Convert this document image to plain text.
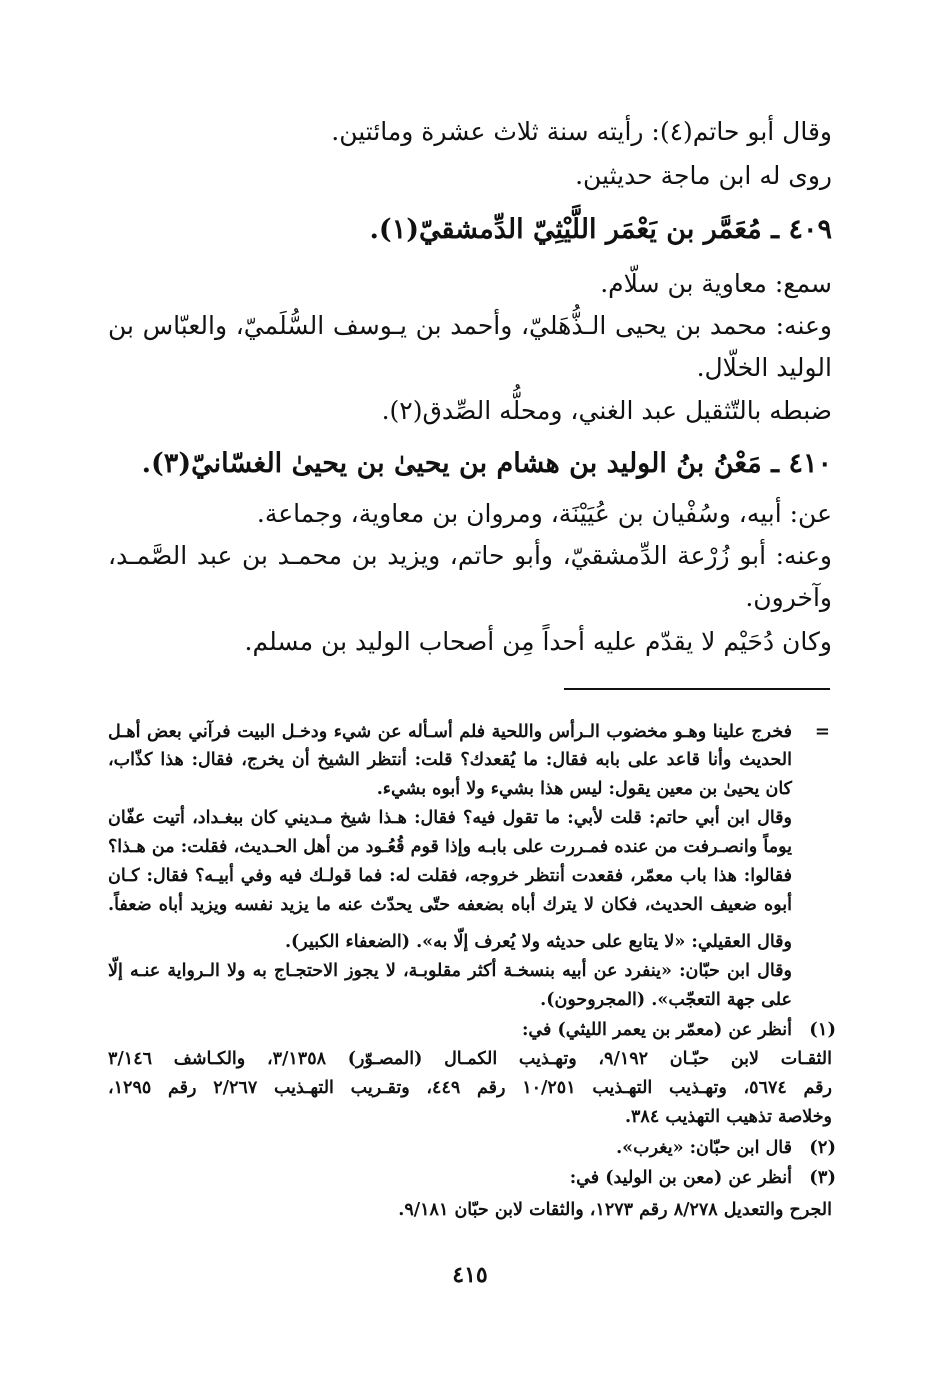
وقال أبو حاتم(٤): رأيته سنة ثلاث عشرة ومائتين.
روى له ابن ماجة حديثين.
٤٠٩ ـ مُعَمَّر بن يَعْمَر اللَّيْثِيّ الدِّمشقيّ(١).
سمع: معاوية بن سلّام.
وعنه: محمد بن يحيى الـذُّهَليّ، وأحمد بن يـوسف السُّلَميّ، والعبّاس بن
الوليد الخلّال.
ضبطه بالتّثقيل عبد الغني، ومحلُّه الصِّدق(٢).
٤١٠ ـ مَعْنُ بنُ الوليد بن هشام بن يحيىٰ بن يحيىٰ الغسّانيّ(٣).
عن: أبيه، وسُفْيان بن عُيَيْنَة، ومروان بن معاوية، وجماعة.
وعنه: أبو زُرْعة الدِّمشقيّ، وأبو حاتم، ويزيد بن محمـد بن عبد الصَّمـد،
وآخرون.
وكان دُحَيْم لا يقدّم عليه أحداً مِن أصحاب الوليد بن مسلم.
=
فخرج علينا وهـو مخضوب الـرأس واللحية فلم أسـأله عن شيء ودخـل البيت فرآني بعض أهـل
الحديث وأنا قاعد على بابه فقال: ما يُقعدك؟ قلت: أنتظر الشيخ أن يخرج، فقال: هذا كذّاب،
كان يحيىٰ بن معين يقول: ليس هذا بشيء ولا أبوه بشيء.
وقال ابن أبي حاتم: قلت لأبي: ما تقول فيه؟ فقال: هـذا شيخ مـديني كان ببغـداد، أتيت عفّان
يوماً وانصـرفت من عنده فمـررت على بابـه وإذا قوم قُعُـود من أهل الحـديث، فقلت: من هـذا؟
فقالوا: هذا باب معمّر، فقعدت أنتظر خروجه، فقلت له: فما قولـك فيه وفي أبيـه؟ فقال: كـان
أبوه ضعيف الحديث، فكان لا يترك أباه بضعفه حتّى يحدّث عنه ما يزيد نفسه ويزيد أباه ضعفاً.
وقال العقيلي: «لا يتابع على حديثه ولا يُعرف إلّا به». (الضعفاء الكبير).
وقال ابن حبّان: «ينفرد عن أبيه بنسخـة أكثر مقلوبـة، لا يجوز الاحتجـاج به ولا الـرواية عنـه إلّا
على جهة التعجّب». (المجروحون).
(١)
أنظر عن (معمّر بن يعمر الليثي) في:
الثقـات لابن حبّـان ٩/١٩٢، وتهـذيب الكمـال (المصـوّر) ٣/١٣٥٨، والكـاشف ٣/١٤٦
رقم ٥٦٧٤، وتهـذيب التهـذيب ١٠/٢٥١ رقم ٤٤٩، وتقـريب التهـذيب ٢/٢٦٧ رقم ١٢٩٥،
وخلاصة تذهيب التهذيب ٣٨٤.
(٢)
قال ابن حبّان: «يغرب».
(٣)
أنظر عن (معن بن الوليد) في:
الجرح والتعديل ٨/٢٧٨ رقم ١٢٧٣، والثقات لابن حبّان ٩/١٨١.
٤١٥
